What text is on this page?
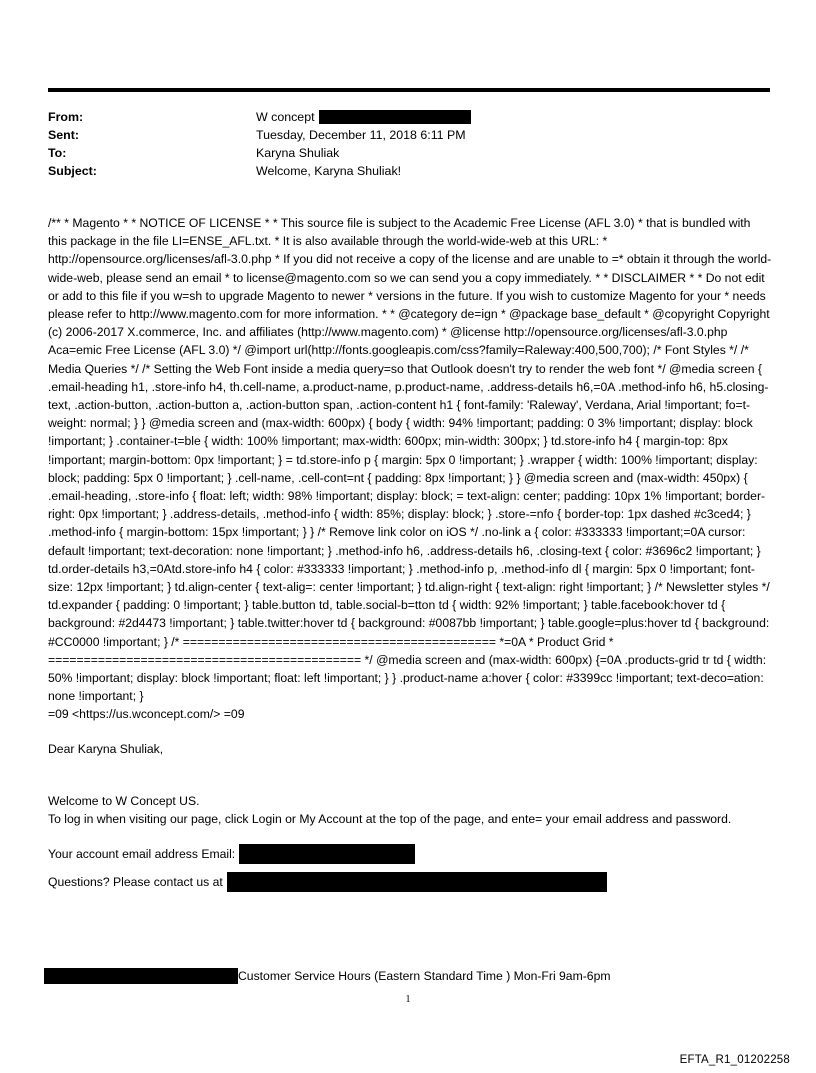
From:	W concept
Sent:	Tuesday, December 11, 2018 6:11 PM
To:	Karyna Shuliak
Subject:	Welcome, Karyna Shuliak!

/** * Magento * * NOTICE OF LICENSE * * This source file is subject to the Academic Free License (AFL 3.0) * that is bundled with this package in the file LI=ENSE_AFL.txt. * It is also available through the world-wide-web at this URL: * http://opensource.org/licenses/afl-3.0.php * If you did not receive a copy of the license and are unable to =* obtain it through the world-wide-web, please send an email * to license@magento.com so we can send you a copy immediately. * * DISCLAIMER * * Do not edit or add to this file if you w=sh to upgrade Magento to newer * versions in the future. If you wish to customize Magento for your * needs please refer to http://www.magento.com for more information. * * @category de=ign * @package base_default * @copyright Copyright (c) 2006-2017 X.commerce, Inc. and affiliates (http://www.magento.com) * @license http://opensource.org/licenses/afl-3.0.php Aca=emic Free License (AFL 3.0) */ @import url(http://fonts.googleapis.com/css?family=Raleway:400,500,700); /* Font Styles */ /* Media Queries */ /* Setting the Web Font inside a media query=so that Outlook doesn't try to render the web font */ @media screen { .email-heading h1, .store-info h4, th.cell-name, a.product-name, p.product-name, .address-details h6,=0A .method-info h6, h5.closing-text, .action-button, .action-button a, .action-button span, .action-content h1 { font-family: 'Raleway', Verdana, Arial !important; fo=t-weight: normal; } } @media screen and (max-width: 600px) { body { width: 94% !important; padding: 0 3% !important; display: block !important; } .container-t=ble { width: 100% !important; max-width: 600px; min-width: 300px; } td.store-info h4 { margin-top: 8px !important; margin-bottom: 0px !important; } = td.store-info p { margin: 5px 0 !important; } .wrapper { width: 100% !important; display: block; padding: 5px 0 !important; } .cell-name, .cell-cont=nt { padding: 8px !important; } } @media screen and (max-width: 450px) { .email-heading, .store-info { float: left; width: 98% !important; display: block; = text-align: center; padding: 10px 1% !important; border-right: 0px !important; } .address-details, .method-info { width: 85%; display: block; } .store-=nfo { border-top: 1px dashed #c3ced4; } .method-info { margin-bottom: 15px !important; } } /* Remove link color on iOS */ .no-link a { color: #333333 !important;=0A cursor: default !important; text-decoration: none !important; } .method-info h6, .address-details h6, .closing-text { color: #3696c2 !important; } td.order-details h3,=0Atd.store-info h4 { color: #333333 !important; } .method-info p, .method-info dl { margin: 5px 0 !important; font-size: 12px !important; } td.align-center { text-alig=: center !important; } td.align-right { text-align: right !important; } /* Newsletter styles */ td.expander { padding: 0 !important; } table.button td, table.social-b=tton td { width: 92% !important; } table.facebook:hover td { background: #2d4473 !important; } table.twitter:hover td { background: #0087bb !important; } table.google=plus:hover td { background: #CC0000 !important; } /* ============================================ *=0A * Product Grid * ============================================ */ @media screen and (max-width: 600px) {=0A .products-grid tr td { width: 50% !important; display: block !important; float: left !important; } } .product-name a:hover { color: #3399cc !important; text-deco=ation: none !important; }

=09 <https://us.wconcept.com/> =09

Dear Karyna Shuliak,

Welcome to W Concept US.

To log in when visiting our page, click Login or My Account at the top of the page, and ente= your email address and password.

Your account email address Email:

Questions? Please contact us at

Customer Service Hours (Eastern Standard Time ) Mon-Fri 9am-6pm
1
EFTA_R1_01202258
